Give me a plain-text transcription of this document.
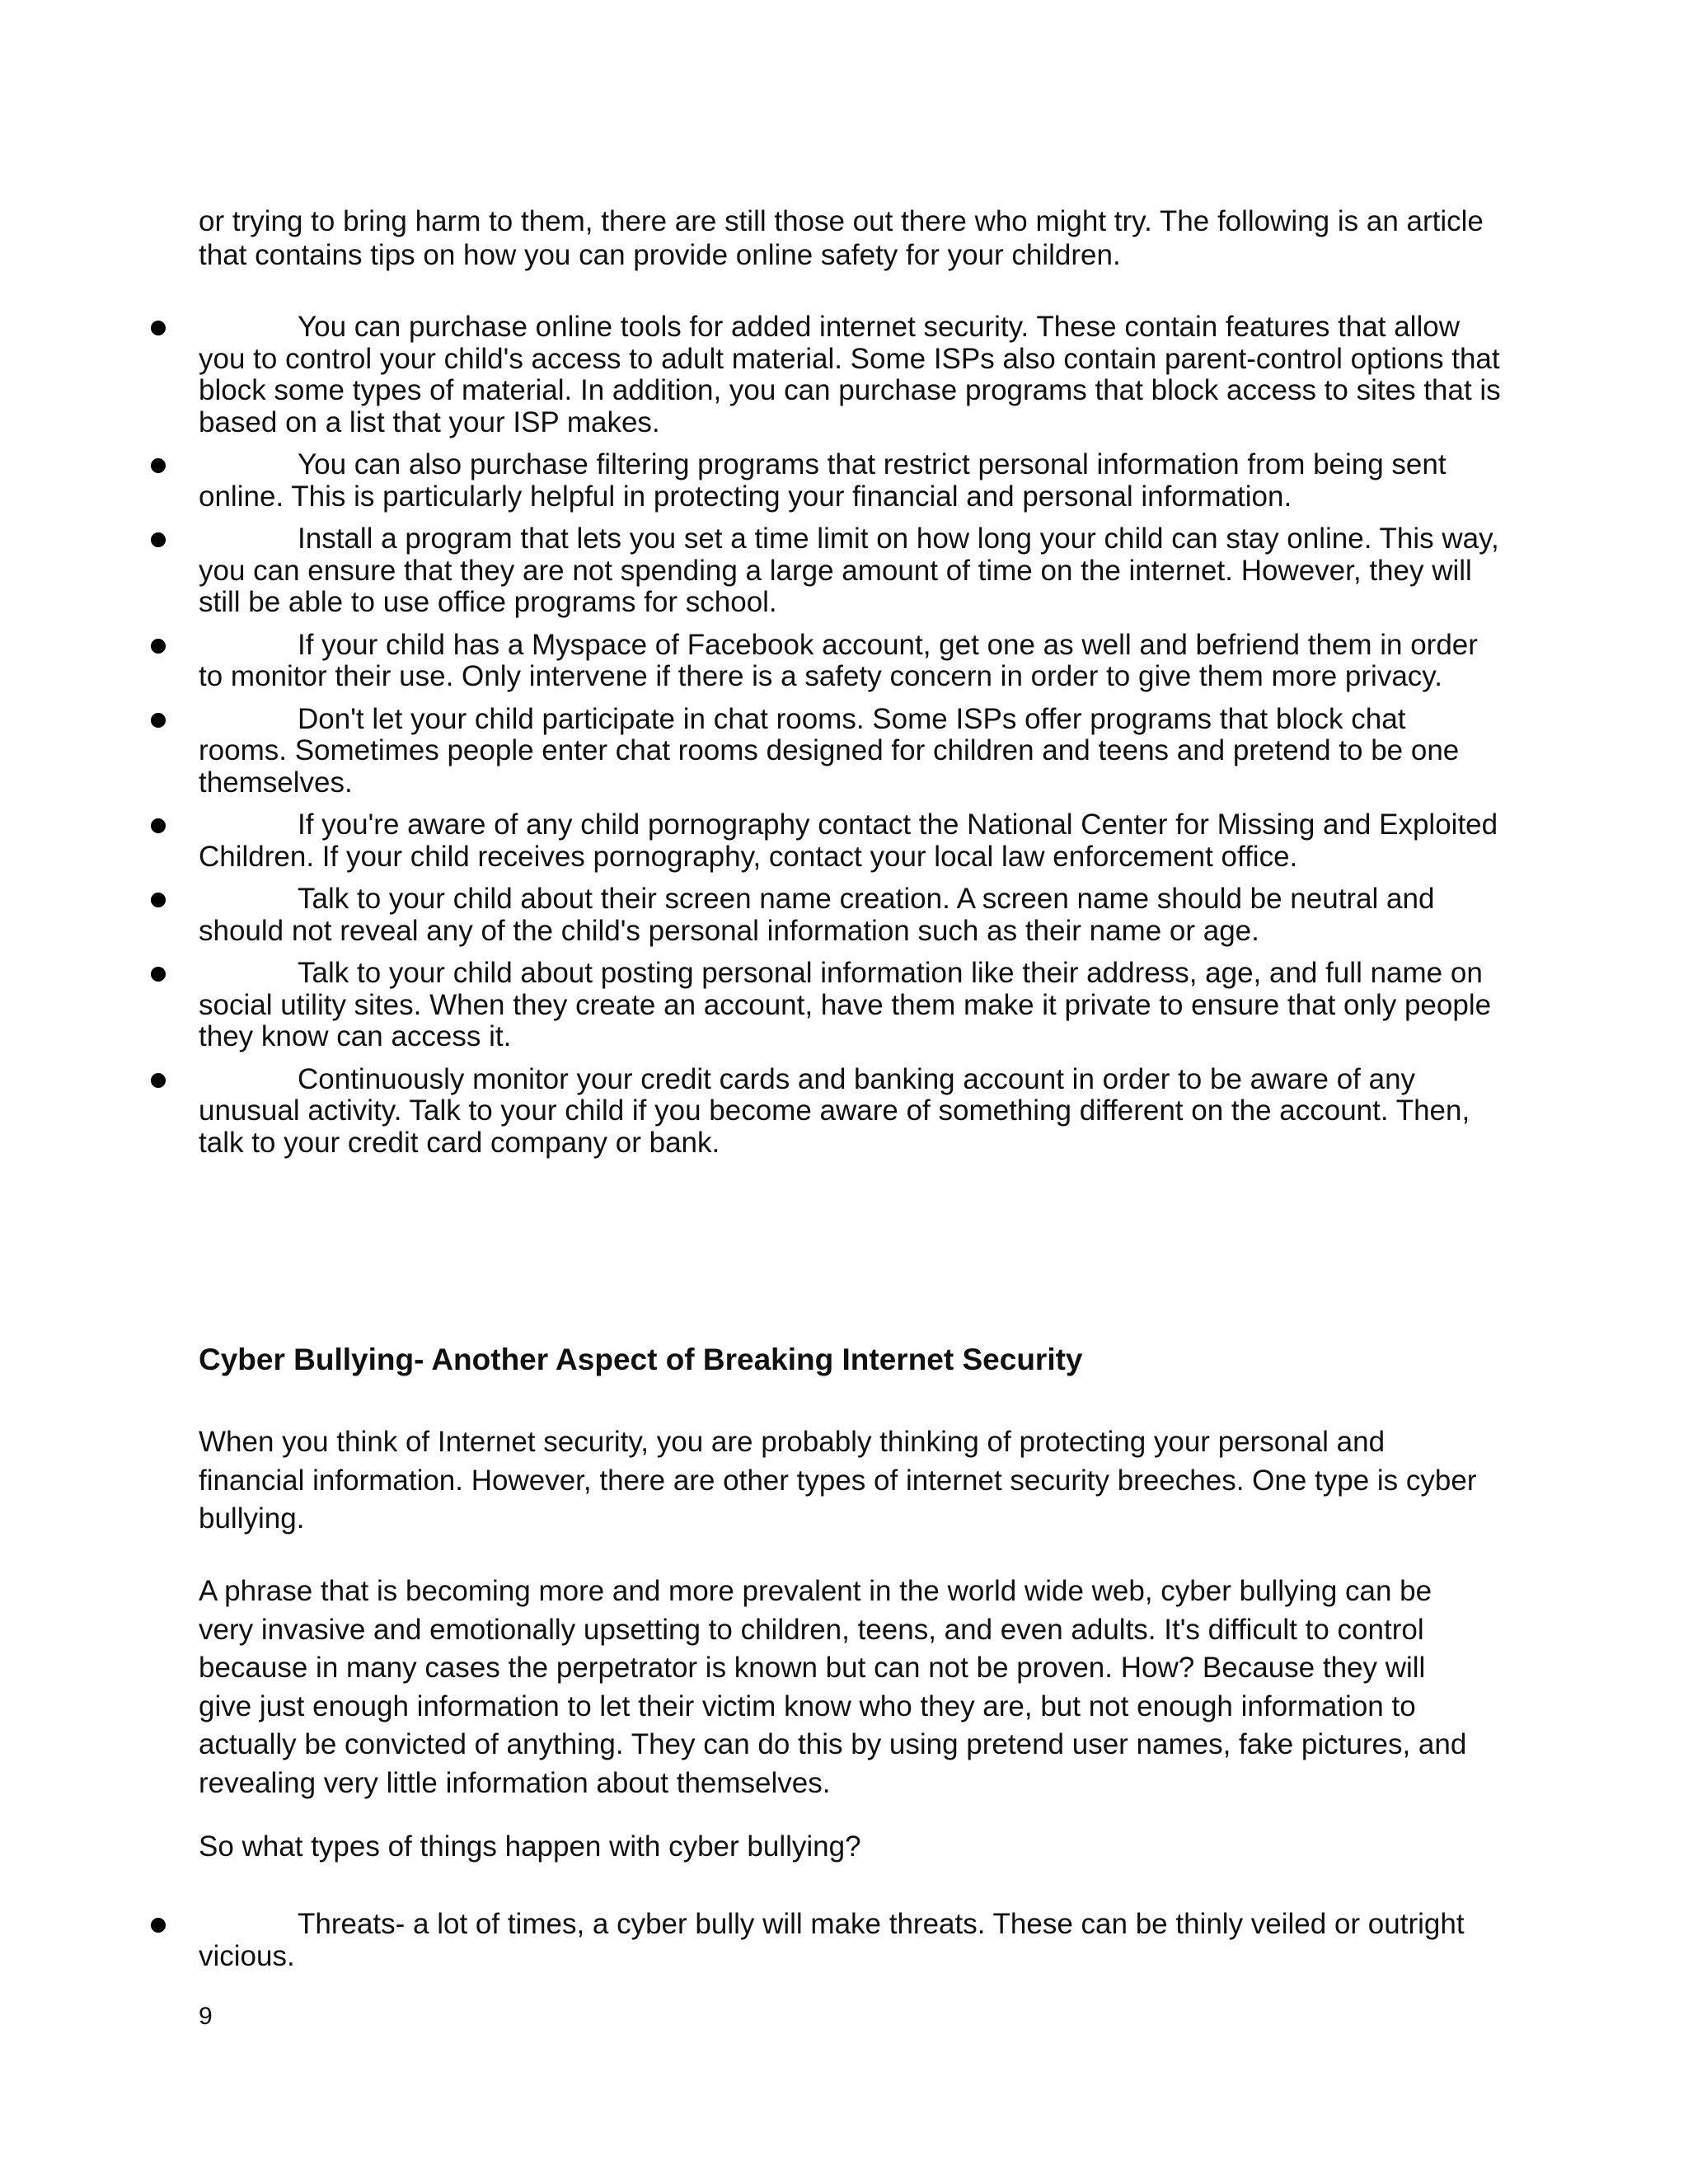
or trying to bring harm to them, there are still those out there who might try. The following is an article that contains tips on how you can provide online safety for your children.

You can purchase online tools for added internet security. These contain features that allow you to control your child's access to adult material. Some ISPs also contain parent-control options that block some types of material. In addition, you can purchase programs that block access to sites that is based on a list that your ISP makes.
You can also purchase filtering programs that restrict personal information from being sent online. This is particularly helpful in protecting your financial and personal information.
Install a program that lets you set a time limit on how long your child can stay online. This way, you can ensure that they are not spending a large amount of time on the internet. However, they will still be able to use office programs for school.
If your child has a Myspace of Facebook account, get one as well and befriend them in order to monitor their use. Only intervene if there is a safety concern in order to give them more privacy.
Don't let your child participate in chat rooms. Some ISPs offer programs that block chat rooms. Sometimes people enter chat rooms designed for children and teens and pretend to be one themselves.
If you're aware of any child pornography contact the National Center for Missing and Exploited Children. If your child receives pornography, contact your local law enforcement office.
Talk to your child about their screen name creation. A screen name should be neutral and should not reveal any of the child's personal information such as their name or age.
Talk to your child about posting personal information like their address, age, and full name on social utility sites. When they create an account, have them make it private to ensure that only people they know can access it.
Continuously monitor your credit cards and banking account in order to be aware of any unusual activity. Talk to your child if you become aware of something different on the account. Then, talk to your credit card company or bank.
Cyber Bullying- Another Aspect of Breaking Internet Security

When you think of Internet security, you are probably thinking of protecting your personal and financial information. However, there are other types of internet security breeches. One type is cyber bullying.

A phrase that is becoming more and more prevalent in the world wide web, cyber bullying can be very invasive and emotionally upsetting to children, teens, and even adults. It's difficult to control because in many cases the perpetrator is known but can not be proven. How? Because they will give just enough information to let their victim know who they are, but not enough information to actually be convicted of anything. They can do this by using pretend user names, fake pictures, and revealing very little information about themselves.

So what types of things happen with cyber bullying?

Threats- a lot of times, a cyber bully will make threats. These can be thinly veiled or outright vicious.

9
